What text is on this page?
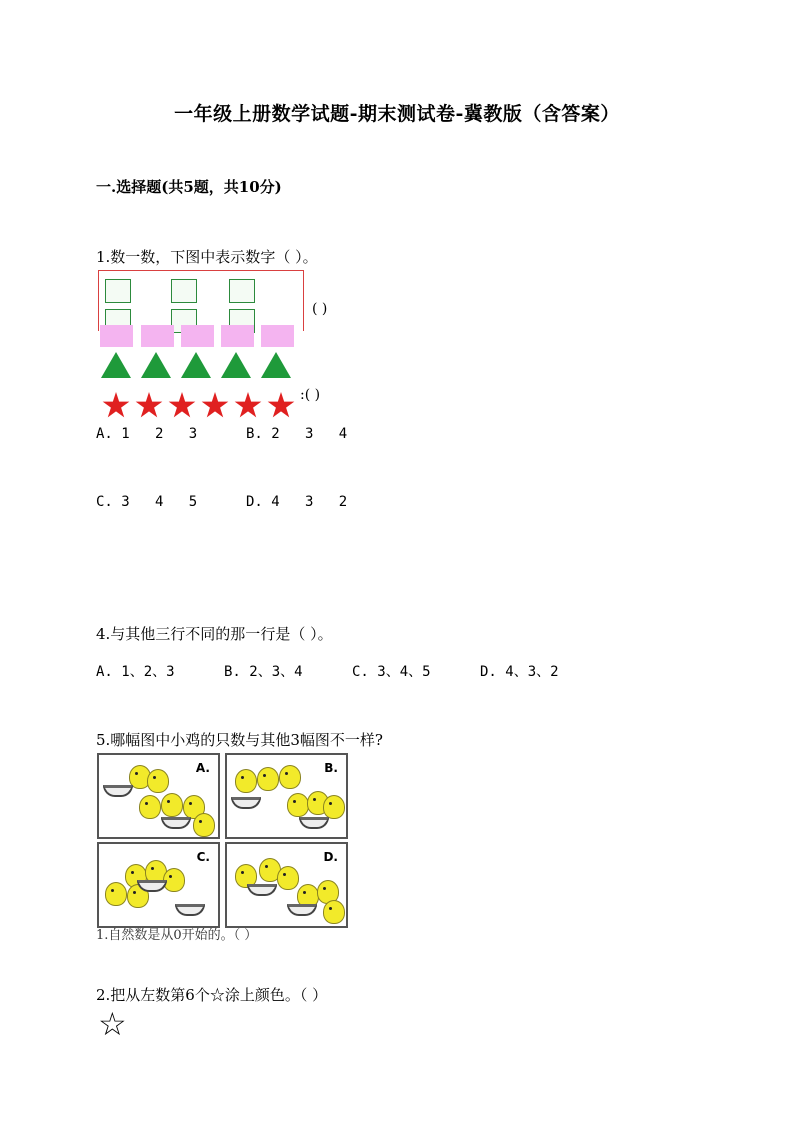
一年级上册数学试题-期末测试卷-冀教版（含答案）
一.选择题(共5题，共10分)
1.数一数，下图中表示数字（ ）。
( )
:( )
A. 1   2   3	B. 2   3   4
C. 3   4   5	D. 4   3   2
4.与其他三行不同的那一行是（ ）。
A. 1、2、3	B. 2、3、4	C. 3、4、5	D. 4、3、2
5.哪幅图中小鸡的只数与其他3幅图不一样?
1.自然数是从0开始的。（ ）
A.	B.
C.	D.
2.把从左数第6个☆涂上颜色。（ ）
☆
